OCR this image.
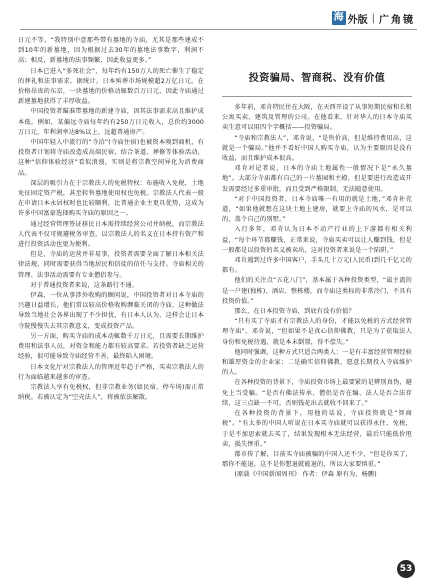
海 外版 | 广角镜

日元不等，“我特别中意那些带有墓地的寺庙，尤其是那些建成不到10年的新墓地，因为根据过去30年的墓地法事数字，利润不高；相反，新墓地的法事频繁，因此收益更多。”

日本已进入“多死社会”，每年约有150万人的死亡催生了稳定的葬礼和法事需求。据统计，日本殡葬市场规模超2万亿日元。在价格昂贵的东京，一块墓地的价格动辄数百万日元，因此寺庙通过新建墓地获得了丰厚收益。

中国投资者瞄准带墓地的新建寺庙，因其法事需求高且维护成本低。例如，某偏远寺庙每年约有250万日元收入，总价约3000万日元，年利润率达8%以上，远超普通房产。

中国年轻人中流行的“寺泊”(寺庙住宿)也被资本嗅到商机，有投资者计划将寺庙改造成高端民宿，结合茶道、禅修等体验活动，这种“信仰体验经济”看似浪漫，实则是将宗教空间异化为消费商品。

深层的吸引力在于宗教法人的免税特权：布施收入免税，土地免征固定资产税，甚至转售墓地使用权也免税。宗教法人代表一般在申请日本永居权时也比较顺利，比普通企业主更具优势，这成为许多中国富豪选择购买寺庙的原因之一。

通过经营管理签证移民日本需持续经营公司并纳税，而宗教法人代表不仅可规避税务审查，以宗教法人的名义在日本持有资产和进行投资活动也更为便利。

但是，寺庙的运营并非易事，投资者需要全面了解日本相关法律法规，同时需要获得当地居民和信徒的信任与支持。寺庙相关的管理、法事活动需要有专业僧侣参与。

对于普通投资者来说，这条路行不通。

伊森，一位从事涉外收购的顾问说，中国投资者对日本寺庙的兴趣日益增长，他们常以较高价格收购濒临关闭的寺庙，这种做法导致当地社会各界出现了不少担忧，有日本人认为，这样会让日本寺院慢慢失去其宗教意义，变成投资产品。

另一方面，购买寺庙的成本动辄数千万日元，且需要长期维护费用和法事人员，对资金和能力都有较高要求。若投资者缺乏运营经验，很可能导致寺庙经营不善，最终陷入困境。

日本文化厅对宗教法人的管理近年趋于严格，买卖宗教法人的行为面临越来越多的审查。

宗教法人享有免税权，但非宗教业务(如民宿、停车场)需正常纳税。若被认定为“空壳法人”，将被依法解散。

投资骗局、智商税、没有价值

多年前，邓肯特民住在大阪，在天西开设了从事短期民宿和长租公寓买卖、建筑及管理的公司。在他看来，针对华人的日本寺庙买卖生意可以用四个字概括——投资骗局。

“寺庙和宗教法人”，邓肯说，“是售价高，但是维持费用高，这就是一个骗局。”他并不看好中国人购买寺庙，认为主要原因是没有收益，而且维护成本很高。

邓肯对记者说，日本的寺庙土地属性一般情况下是“永久墓地”。大部分寺庙都有自己的一片墓园和主殿，但是要进行改造或开发需要经过多重审批，而且受到严格限制，无法随意使用。

“对于中国投资者，日本寺庙唯一有用的就是土地，”邓肯补充道，“如果他就想在这块土地上建房，就要上寺庙的风水，是可以的，盖个自己的别墅。”

入行多年，邓肯认为日本不动产行业的上下游都有相关利益，“每个环节都赚钱，正常来说，寺庙买卖可以让人赚到钱，但是一般都是以投资的名义被卖出，这对投资者来说是一个陷阱。”

邓肯遇到过许多中国客户，手头几十万元(人民币)到几千亿元的都有。

他们的关注点“五花八门”，基本属于各种投资类型，“最主流的是一户建(独栋)、酒店、整栋楼，而寺庙这类标的非常冷门，不具有投资价值。”

那么，在日本投资寺庙，到底有没有价值？

“只有买了寺庙才有宗教法人的身份，才能以免税的方式经营管理寺庙”，邓肯说，“但如果不是真心信仰佛教，只是为了获取法人身份和免税待遇，就是本末倒置，得不偿失。”

他同时强调，这种方式只适合两类人：一是有丰富经营管理经验和雄厚资金的企业家；二是确实信仰佛教、愿意长期投入寺庙维护的人。

在各种投资的背景下，寺庙投资市场上最要紧的是辨别真伪，避免上当受骗。“是否有佛法传承、僧侣是否在编、法人是否合法存续，这三点缺一不可，否则钱花出去就收不回来了。”

在各种投资的背景下，用他的话说，寺庙投资就是“智商税”。“有太多的中国人听说在日本买寺庙就可以获得永住、免税，于是不加思索就去买了，结果发现根本无法经营，最后只能低价甩卖，损失惨重。”

都市传了解，目前买寺庙被骗的中国人还不少，“但是你买了，那你不能退，这不是你想退就能退的，所以大家要慎重。”

(原载《中国新闻周刊》 作者：伊森 原有为、杨鹏)

53
